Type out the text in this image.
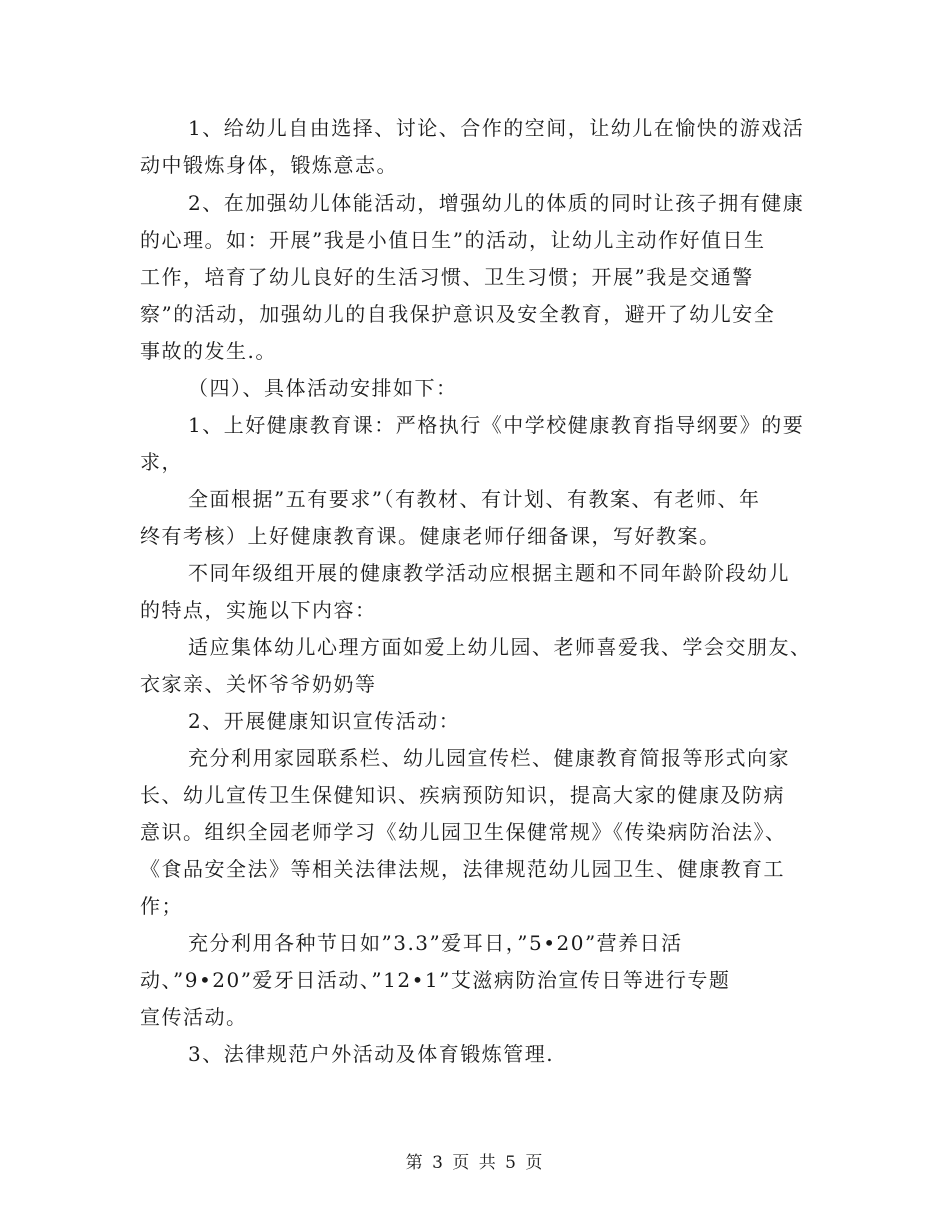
1、给幼儿自由选择、讨论、合作的空间，让幼儿在愉快的游戏活
动中锻炼身体，锻炼意志。
2、在加强幼儿体能活动，增强幼儿的体质的同时让孩子拥有健康
的心理。如：开展”我是小值日生”的活动，让幼儿主动作好值日生
工作，培育了幼儿良好的生活习惯、卫生习惯；开展”我是交通警
察”的活动，加强幼儿的自我保护意识及安全教育，避开了幼儿安全
事故的发生.。
（四）、具体活动安排如下：
1、上好健康教育课：严格执行《中学校健康教育指导纲要》的要
求，
全面根据”五有要求”（有教材、有计划、有教案、有老师、年
终有考核）上好健康教育课。健康老师仔细备课，写好教案。
不同年级组开展的健康教学活动应根据主题和不同年龄阶段幼儿
的特点，实施以下内容：
适应集体幼儿心理方面如爱上幼儿园、老师喜爱我、学会交朋友、
衣家亲、关怀爷爷奶奶等
2、开展健康知识宣传活动：
充分利用家园联系栏、幼儿园宣传栏、健康教育简报等形式向家
长、幼儿宣传卫生保健知识、疾病预防知识，提高大家的健康及防病
意识。组织全园老师学习《幼儿园卫生保健常规》《传染病防治法》、
《食品安全法》等相关法律法规，法律规范幼儿园卫生、健康教育工
作；
充分利用各种节日如”3.3”爱耳日，”5•20”营养日活
动、”9•20”爱牙日活动、”12•1”艾滋病防治宣传日等进行专题
宣传活动。
3、法律规范户外活动及体育锻炼管理.
第 3 页 共 5 页
